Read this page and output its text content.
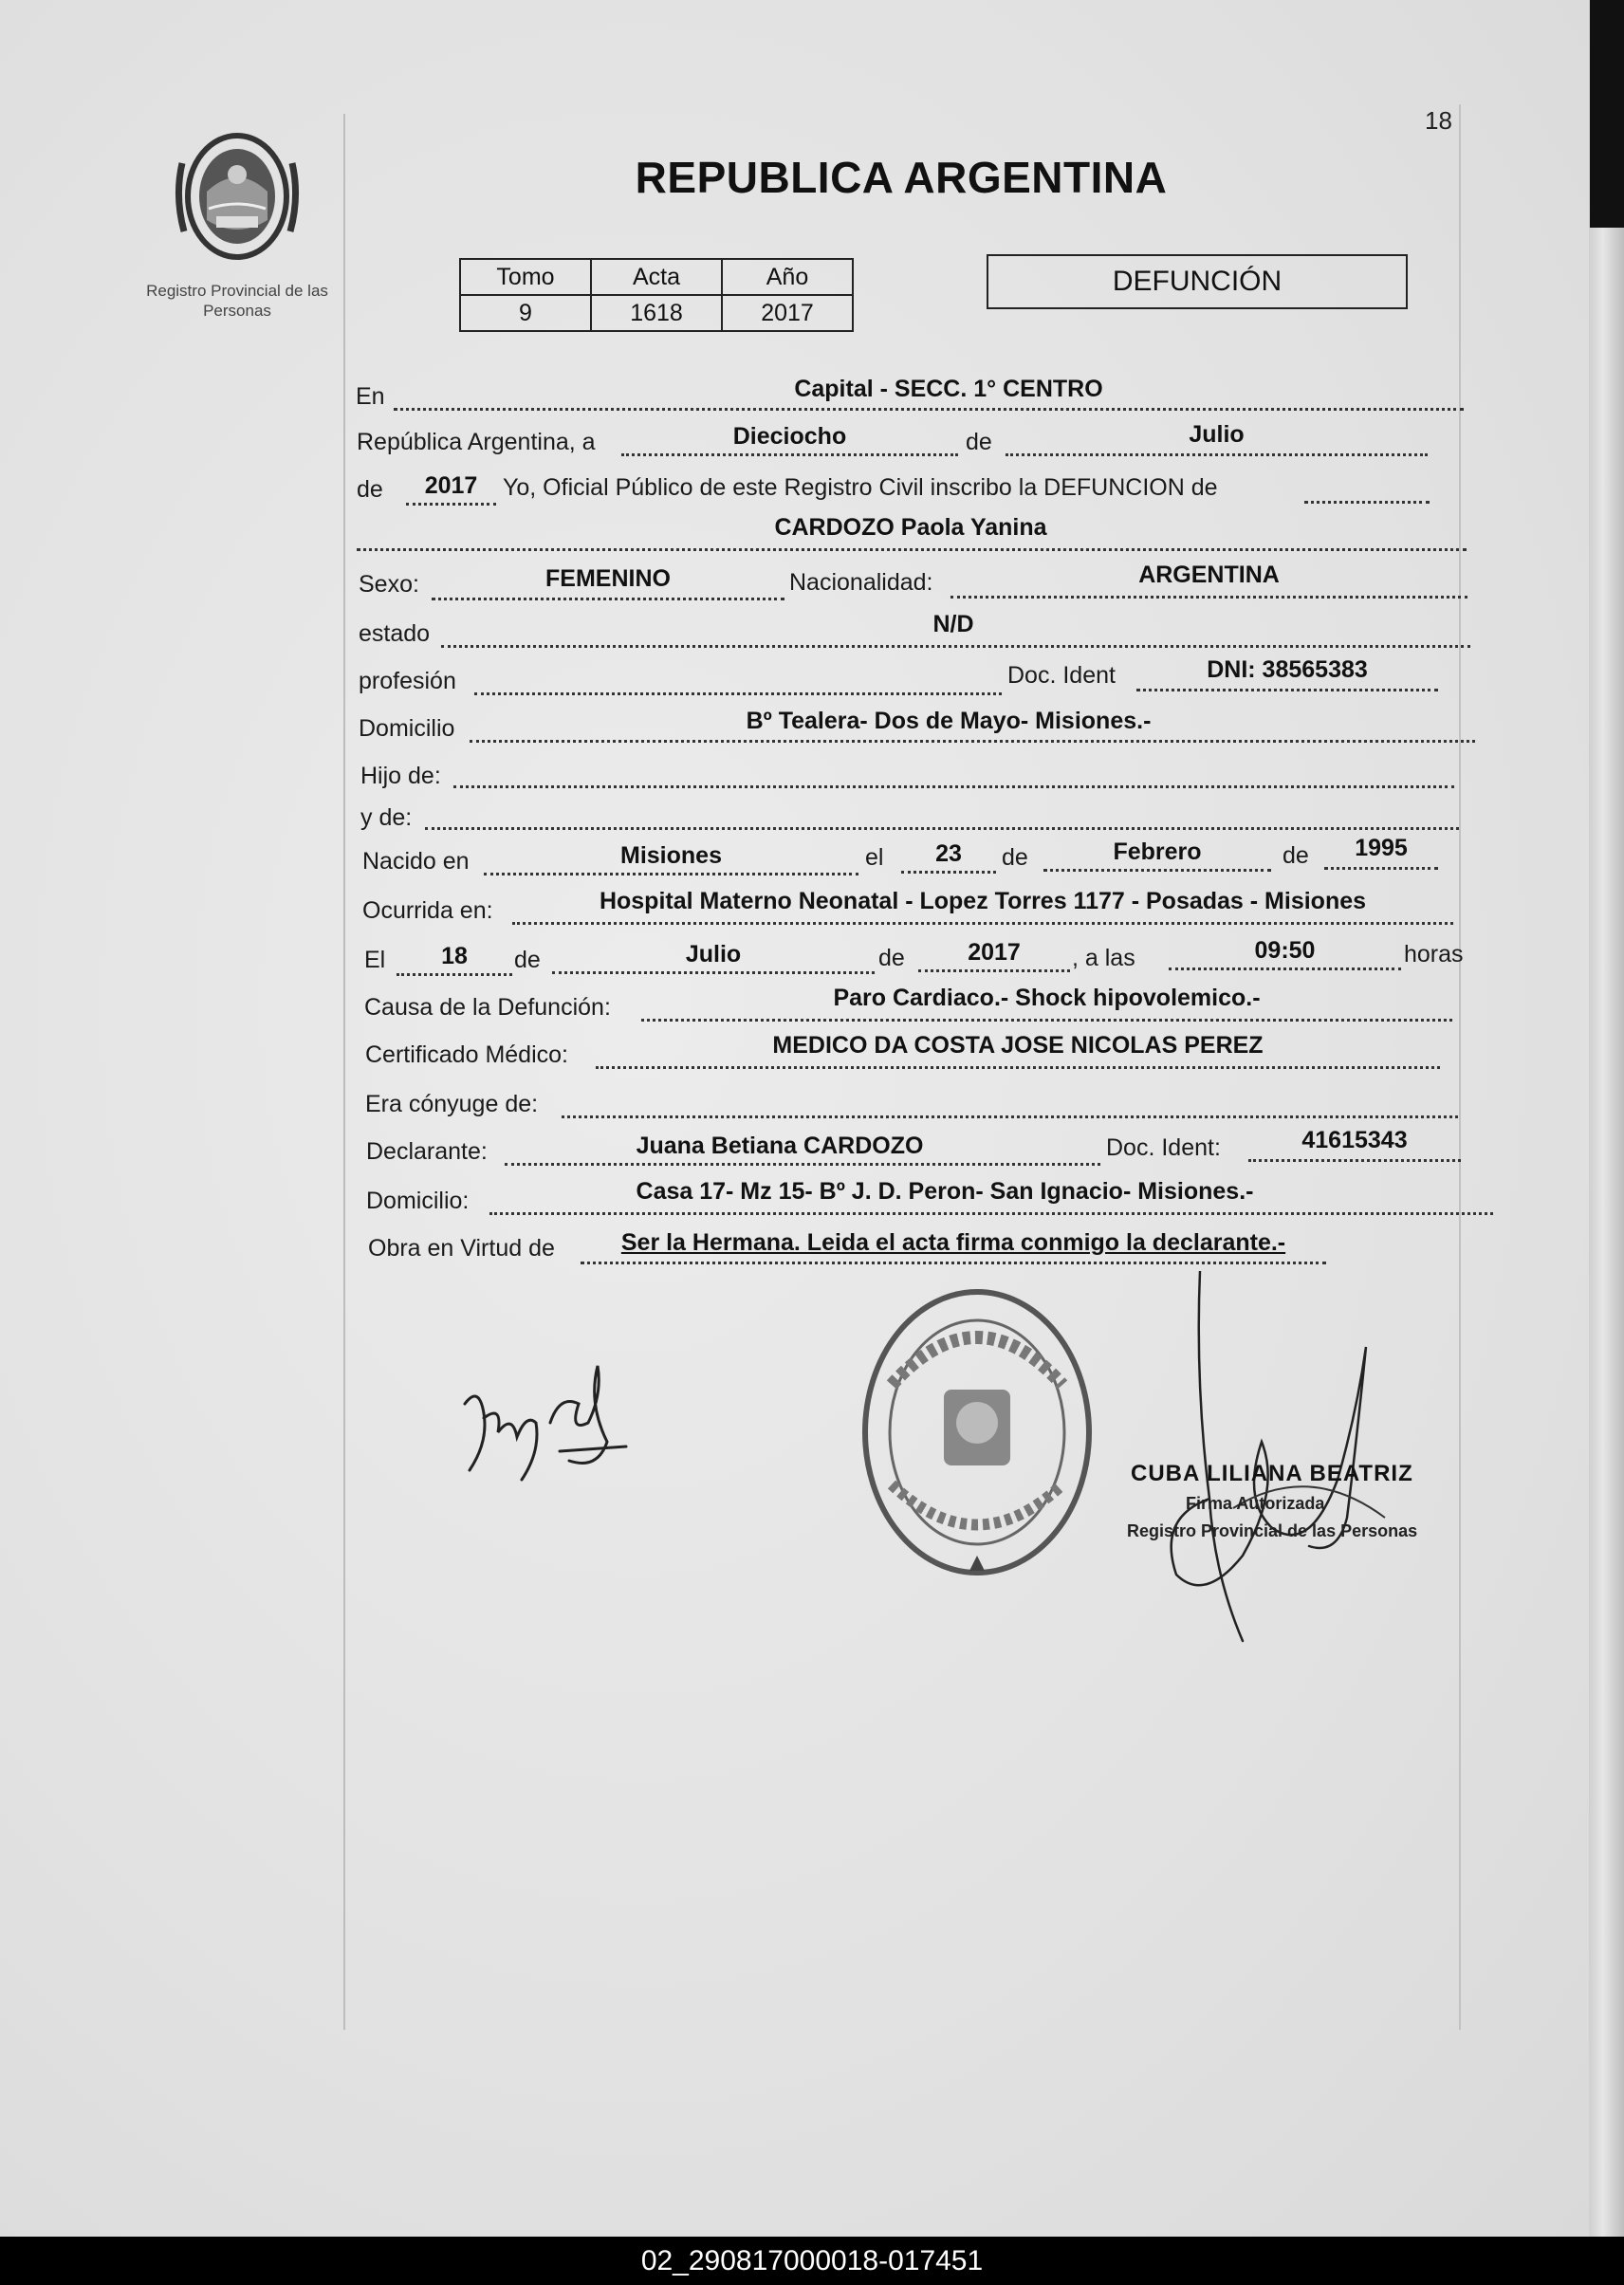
18
Registro Provincial de las Personas
REPUBLICA ARGENTINA
Tomo	Acta	Año
9	1618	2017
DEFUNCIÓN
En	Capital - SECC. 1° CENTRO
República Argentina, a	Dieciocho	de	Julio
de	2017	Yo, Oficial Público de este Registro Civil inscribo la DEFUNCION de
CARDOZO Paola Yanina
Sexo:	FEMENINO	Nacionalidad:	ARGENTINA
estado	N/D
profesión	Doc. Ident	DNI: 38565383
Domicilio	Bº Tealera- Dos de Mayo- Misiones.-
Hijo de:
y de:
Nacido en	Misiones	el	23	de	Febrero	de	1995
Ocurrida en:	Hospital Materno Neonatal - Lopez Torres 1177 - Posadas - Misiones
El	18	de	Julio	de	2017	, a las	09:50	horas
Causa de la Defunción:	Paro Cardiaco.- Shock hipovolemico.-
Certificado Médico:	MEDICO DA COSTA JOSE NICOLAS PEREZ
Era cónyuge de:
Declarante:	Juana Betiana CARDOZO	Doc. Ident:	41615343
Domicilio:	Casa 17- Mz 15- Bº J. D. Peron- San Ignacio- Misiones.-
Obra en Virtud de	Ser la Hermana. Leida el acta firma conmigo la declarante.-
CUBA LILIANA BEATRIZ
Firma Autorizada
Registro Provincial de las Personas
02_290817000018-017451
